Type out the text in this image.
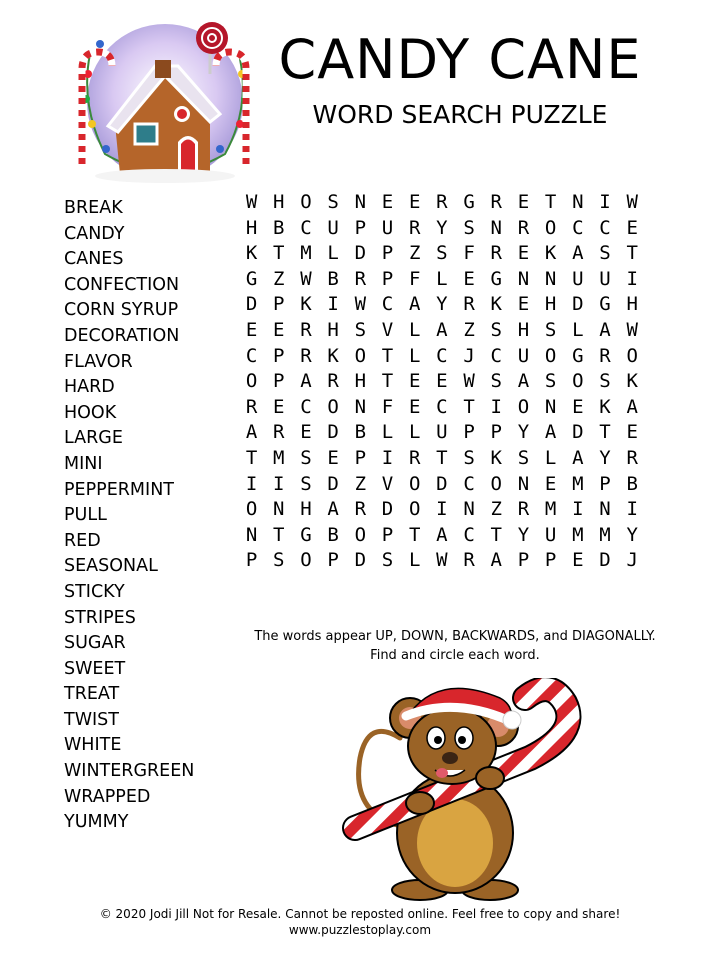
CANDY CANE
WORD SEARCH PUZZLE
BREAK
CANDY
CANES
CONFECTION
CORN SYRUP
DECORATION
FLAVOR
HARD
HOOK
LARGE
MINI
PEPPERMINT
PULL
RED
SEASONAL
STICKY
STRIPES
SUGAR
SWEET
TREAT
TWIST
WHITE
WINTERGREEN
WRAPPED
YUMMY
W H O S N E E R G R E T N I W
H B C U P U R Y S N R O C C E
K T M L D P Z S F R E K A S T
G Z W B R P F L E G N N U U I
D P K I W C A Y R K E H D G H
E E R H S V L A Z S H S L A W
C P R K O T L C J C U O G R O
O P A R H T E E W S A S O S K
R E C O N F E C T I O N E K A
A R E D B L L U P P Y A D T E
T M S E P I R T S K S L A Y R
I I S D Z V O D C O N E M P B
O N H A R D O I N Z R M I N I
N T G B O P T A C T Y U M M Y
P S O P D S L W R A P P E D J
The words appear UP, DOWN, BACKWARDS, and DIAGONALLY.
Find and circle each word.
© 2020 Jodi Jill Not for Resale. Cannot be reposted online. Feel free to copy and share!
www.puzzlestoplay.com
